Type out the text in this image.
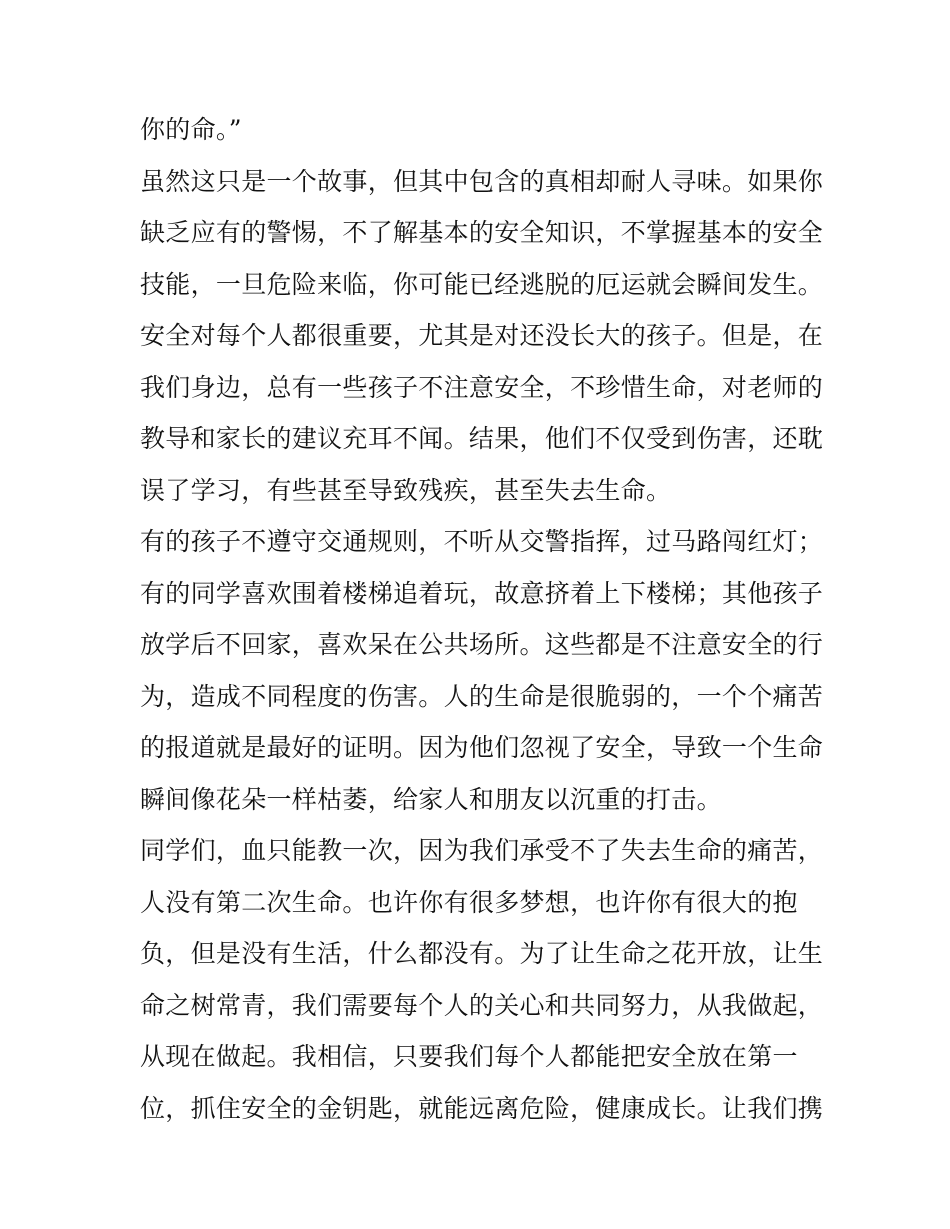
你的命。”
虽然这只是一个故事，但其中包含的真相却耐人寻味。如果你
缺乏应有的警惕，不了解基本的安全知识，不掌握基本的安全
技能，一旦危险来临，你可能已经逃脱的厄运就会瞬间发生。
安全对每个人都很重要，尤其是对还没长大的孩子。但是，在
我们身边，总有一些孩子不注意安全，不珍惜生命，对老师的
教导和家长的建议充耳不闻。结果，他们不仅受到伤害，还耽
误了学习，有些甚至导致残疾，甚至失去生命。
有的孩子不遵守交通规则，不听从交警指挥，过马路闯红灯；
有的同学喜欢围着楼梯追着玩，故意挤着上下楼梯；其他孩子
放学后不回家，喜欢呆在公共场所。这些都是不注意安全的行
为，造成不同程度的伤害。人的生命是很脆弱的，一个个痛苦
的报道就是最好的证明。因为他们忽视了安全，导致一个生命
瞬间像花朵一样枯萎，给家人和朋友以沉重的打击。
同学们，血只能教一次，因为我们承受不了失去生命的痛苦，
人没有第二次生命。也许你有很多梦想，也许你有很大的抱
负，但是没有生活，什么都没有。为了让生命之花开放，让生
命之树常青，我们需要每个人的关心和共同努力，从我做起，
从现在做起。我相信，只要我们每个人都能把安全放在第一
位，抓住安全的金钥匙，就能远离危险，健康成长。让我们携
